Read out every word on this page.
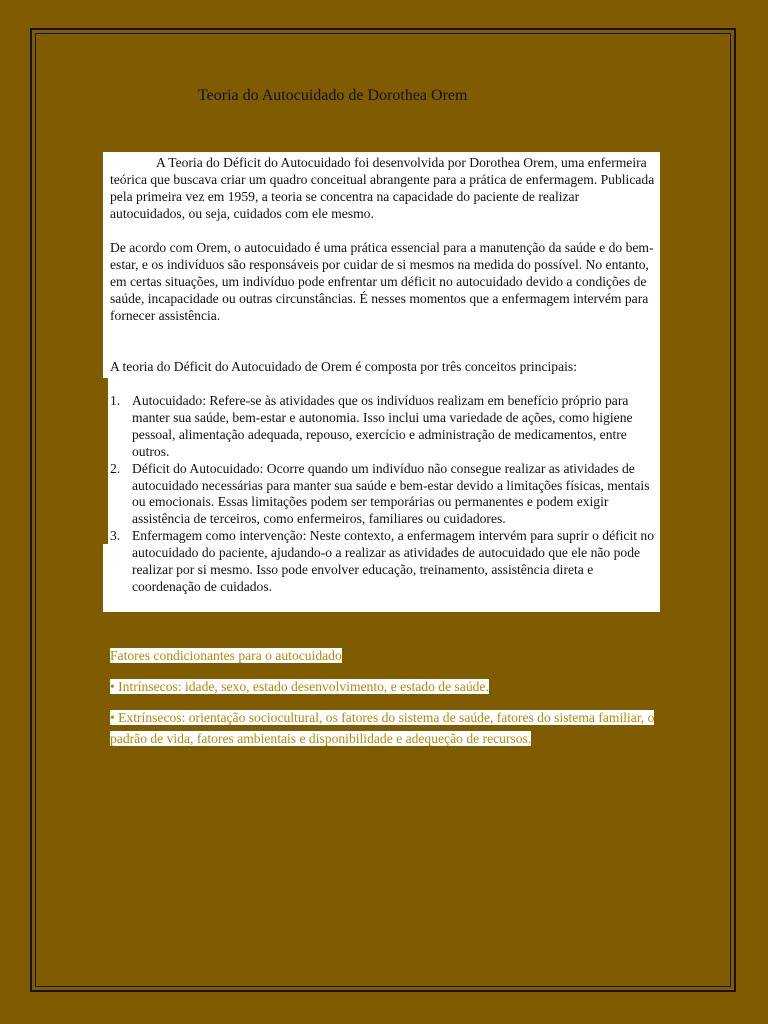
Teoria do Autocuidado de Dorothea Orem

A Teoria do Déficit do Autocuidado foi desenvolvida por Dorothea Orem, uma enfermeira teórica que buscava criar um quadro conceitual abrangente para a prática de enfermagem. Publicada pela primeira vez em 1959, a teoria se concentra na capacidade do paciente de realizar autocuidados, ou seja, cuidados com ele mesmo.

De acordo com Orem, o autocuidado é uma prática essencial para a manutenção da saúde e do bem-estar, e os indivíduos são responsáveis por cuidar de si mesmos na medida do possível. No entanto, em certas situações, um indivíduo pode enfrentar um déficit no autocuidado devido a condições de saúde, incapacidade ou outras circunstâncias. É nesses momentos que a enfermagem intervém para fornecer assistência.

A teoria do Déficit do Autocuidado de Orem é composta por três conceitos principais:

1. Autocuidado: Refere-se às atividades que os indivíduos realizam em benefício próprio para manter sua saúde, bem-estar e autonomia. Isso inclui uma variedade de ações, como higiene pessoal, alimentação adequada, repouso, exercício e administração de medicamentos, entre outros.
2. Déficit do Autocuidado: Ocorre quando um indivíduo não consegue realizar as atividades de autocuidado necessárias para manter sua saúde e bem-estar devido a limitações físicas, mentais ou emocionais. Essas limitações podem ser temporárias ou permanentes e podem exigir assistência de terceiros, como enfermeiros, familiares ou cuidadores.
3. Enfermagem como intervenção: Neste contexto, a enfermagem intervém para suprir o déficit no autocuidado do paciente, ajudando-o a realizar as atividades de autocuidado que ele não pode realizar por si mesmo. Isso pode envolver educação, treinamento, assistência direta e coordenação de cuidados.
Fatores condicionantes para o autocuidado
• Intrínsecos: idade, sexo, estado desenvolvimento, e estado de saúde.
• Extrínsecos: orientação sociocultural, os fatores do sistema de saúde, fatores do sistema familiar, o padrão de vida, fatores ambientais e disponibilidade e adequeção de recursos.
